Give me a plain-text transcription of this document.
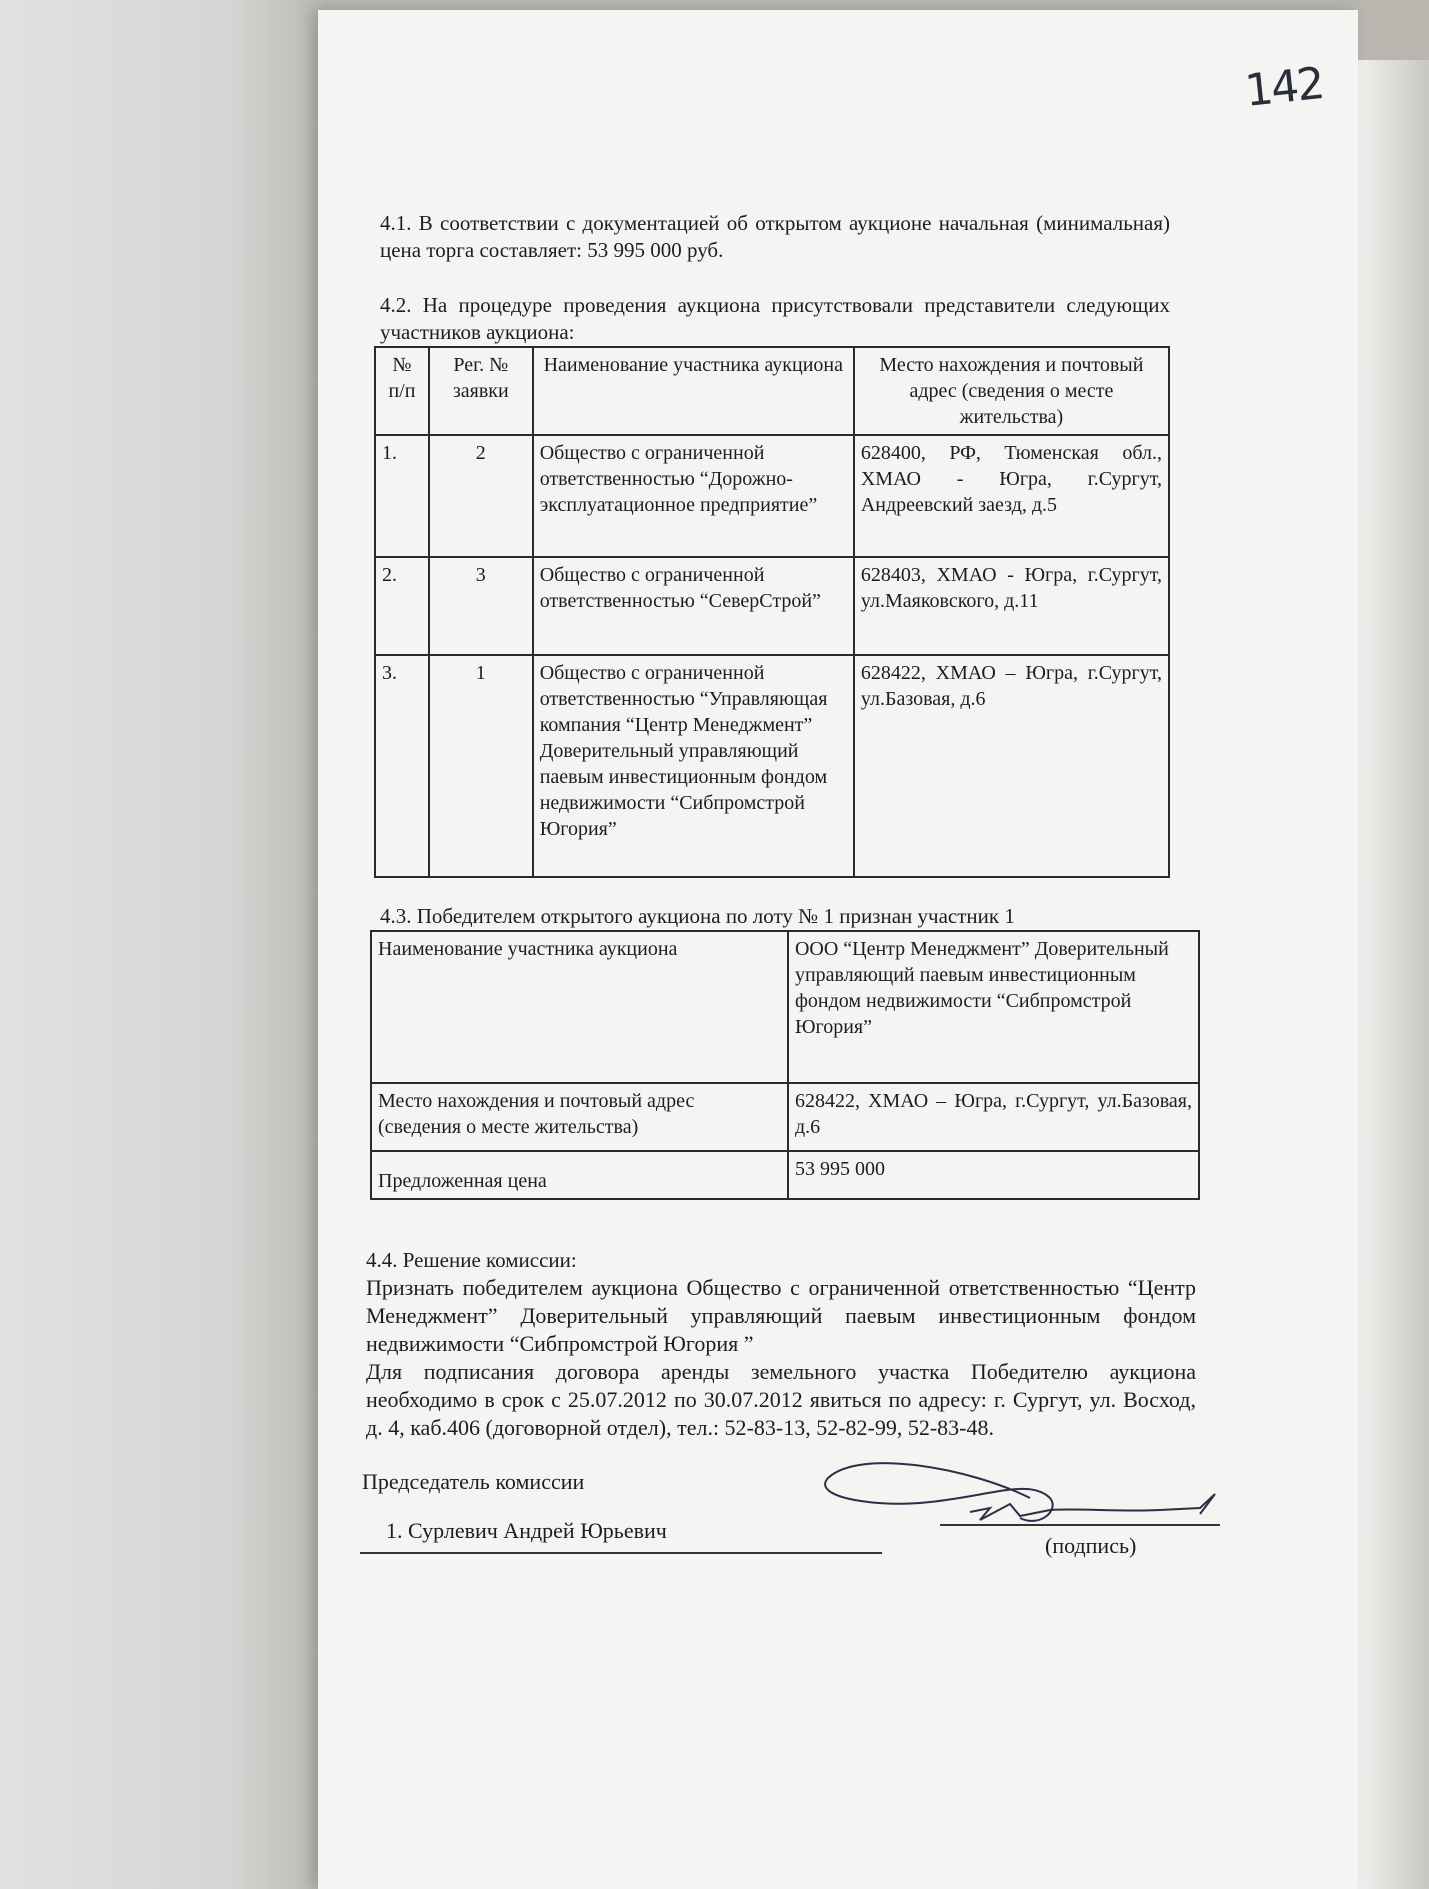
142
4.1. В соответствии с документацией об открытом аукционе начальная (минимальная) цена торга составляет: 53 995 000 руб.
4.2. На процедуре проведения аукциона присутствовали представители следующих участников аукциона:
№ п/п	Рег. № заявки	Наименование участника аукциона	Место нахождения и почтовый адрес (сведения о месте жительства)
1.	2	Общество с ограниченной ответственностью “Дорожно-эксплуатационное предприятие”	628400, РФ, Тюменская обл., ХМАО - Югра, г.Сургут, Андреевский заезд, д.5
2.	3	Общество с ограниченной ответственностью “СеверСтрой”	628403, ХМАО - Югра, г.Сургут, ул.Маяковского, д.11
3.	1	Общество с ограниченной ответственностью “Управляющая компания “Центр Менеджмент” Доверительный управляющий паевым инвестиционным фондом недвижимости “Сибпромстрой Югория”	628422, ХМАО – Югра, г.Сургут, ул.Базовая, д.6
4.3. Победителем открытого аукциона по лоту № 1 признан участник 1
Наименование участника аукциона	ООО “Центр Менеджмент” Доверительный управляющий паевым инвестиционным фондом недвижимости “Сибпромстрой Югория”
Место нахождения и почтовый адрес (сведения о месте жительства)	628422, ХМАО – Югра, г.Сургут, ул.Базовая, д.6
Предложенная цена	53 995 000
4.4. Решение комиссии:
Признать победителем аукциона Общество с ограниченной ответственностью “Центр Менеджмент” Доверительный управляющий паевым инвестиционным фондом недвижимости “Сибпромстрой Югория ”
Для подписания договора аренды земельного участка Победителю аукциона необходимо в срок с 25.07.2012 по 30.07.2012 явиться по адресу: г. Сургут, ул. Восход, д. 4, каб.406 (договорной отдел), тел.: 52-83-13, 52-82-99, 52-83-48.
Председатель комиссии
1. Сурлевич Андрей Юрьевич
(подпись)
